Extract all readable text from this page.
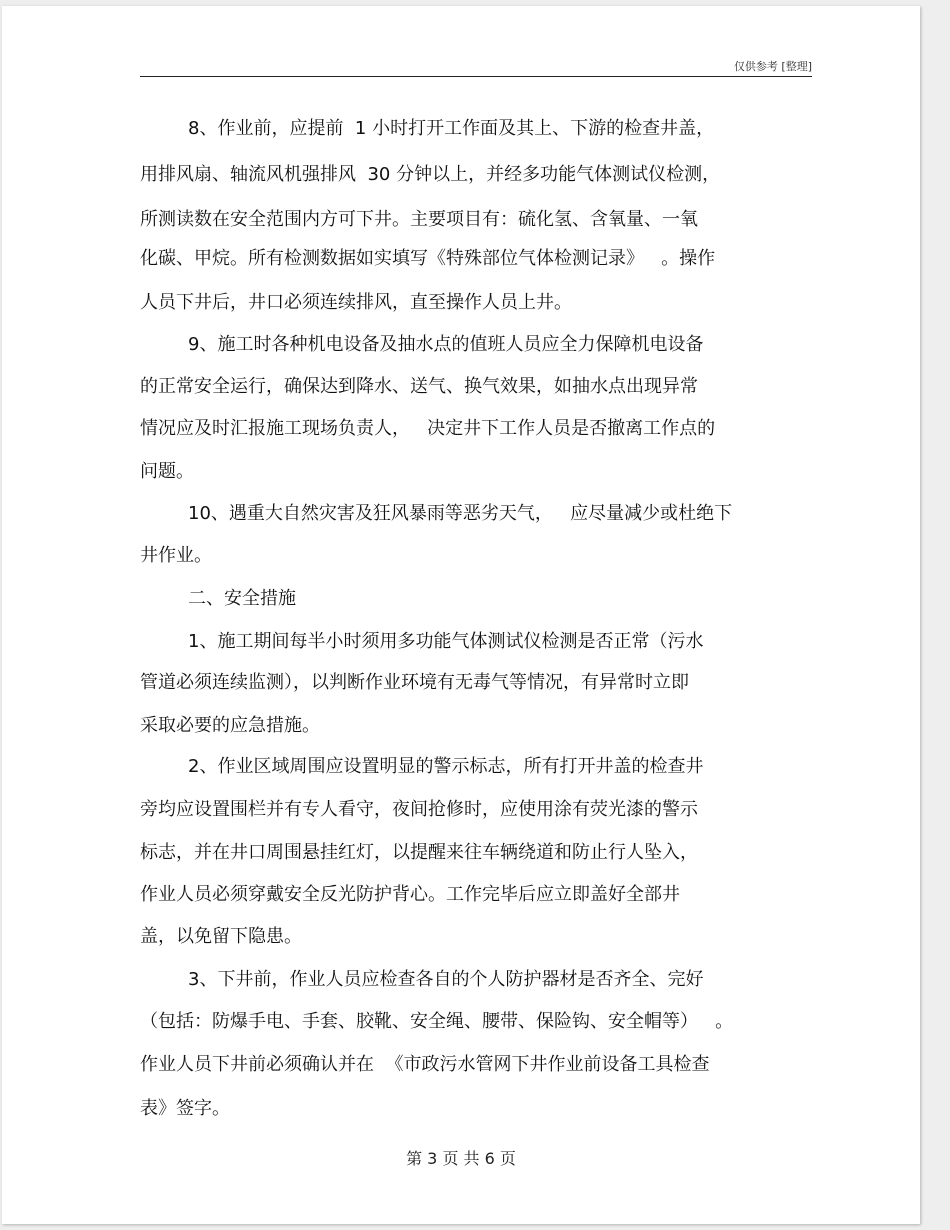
仅供参考 [整理]
8、作业前，应提前  1 小时打开工作面及其上、下游的检查井盖，
用排风扇、轴流风机强排风  30 分钟以上，并经多功能气体测试仪检测，
所测读数在安全范围内方可下井。主要项目有：硫化氢、含氧量、一氧
化碳、甲烷。所有检测数据如实填写《特殊部位气体检测记录》   。操作
人员下井后，井口必须连续排风，直至操作人员上井。
9、施工时各种机电设备及抽水点的值班人员应全力保障机电设备
的正常安全运行，确保达到降水、送气、换气效果，如抽水点出现异常
情况应及时汇报施工现场负责人，   决定井下工作人员是否撤离工作点的
问题。
10、遇重大自然灾害及狂风暴雨等恶劣天气，   应尽量减少或杜绝下
井作业。
二、安全措施
1、施工期间每半小时须用多功能气体测试仪检测是否正常（污水
管道必须连续监测），以判断作业环境有无毒气等情况，有异常时立即
采取必要的应急措施。
2、作业区域周围应设置明显的警示标志，所有打开井盖的检查井
旁均应设置围栏并有专人看守，夜间抢修时，应使用涂有荧光漆的警示
标志，并在井口周围悬挂红灯，以提醒来往车辆绕道和防止行人坠入，
作业人员必须穿戴安全反光防护背心。工作完毕后应立即盖好全部井
盖，以免留下隐患。
3、下井前，作业人员应检查各自的个人防护器材是否齐全、完好
（包括：防爆手电、手套、胶靴、安全绳、腰带、保险钩、安全帽等）   。
作业人员下井前必须确认并在  《市政污水管网下井作业前设备工具检查
表》签字。
第 3 页 共 6 页
